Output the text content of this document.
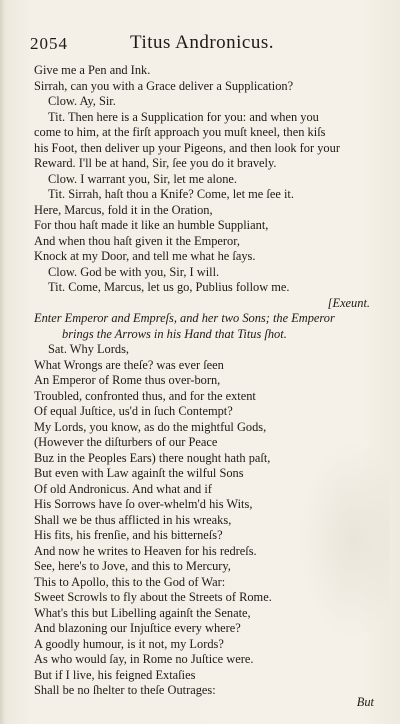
2054	Titus Andronicus.
Give me a Pen and Ink.
Sirrah, can you with a Grace deliver a Supplication?
Clow. Ay, Sir.
Tit. Then here is a Supplication for you: and when you
come to him, at the firſt approach you muſt kneel, then kiſs
his Foot, then deliver up your Pigeons, and then look for your
Reward. I'll be at hand, Sir, ſee you do it bravely.
Clow. I warrant you, Sir, let me alone.
Tit. Sirrah, haſt thou a Knife? Come, let me ſee it.
Here, Marcus, fold it in the Oration,
For thou haſt made it like an humble Suppliant,
And when thou haſt given it the Emperor,
Knock at my Door, and tell me what he ſays.
Clow. God be with you, Sir, I will.
Tit. Come, Marcus, let us go, Publius follow me.
[Exeunt.
Enter Emperor and Empreſs, and her two Sons; the Emperor
brings the Arrows in his Hand that Titus ſhot.
Sat. Why Lords,
What Wrongs are theſe? was ever ſeen
An Emperor of Rome thus over-born,
Troubled, confronted thus, and for the extent
Of equal Juſtice, us'd in ſuch Contempt?
My Lords, you know, as do the mightful Gods,
(However the diſturbers of our Peace
Buz in the Peoples Ears) there nought hath paſt,
But even with Law againſt the wilful Sons
Of old Andronicus. And what and if
His Sorrows have ſo over-whelm'd his Wits,
Shall we be thus afflicted in his wreaks,
His fits, his frenſie, and his bitterneſs?
And now he writes to Heaven for his redreſs.
See, here's to Jove, and this to Mercury,
This to Apollo, this to the God of War:
Sweet Scrowls to fly about the Streets of Rome.
What's this but Libelling againſt the Senate,
And blazoning our Injuſtice every where?
A goodly humour, is it not, my Lords?
As who would ſay, in Rome no Juſtice were.
But if I live, his feigned Extaſies
Shall be no ſhelter to theſe Outrages:
But
